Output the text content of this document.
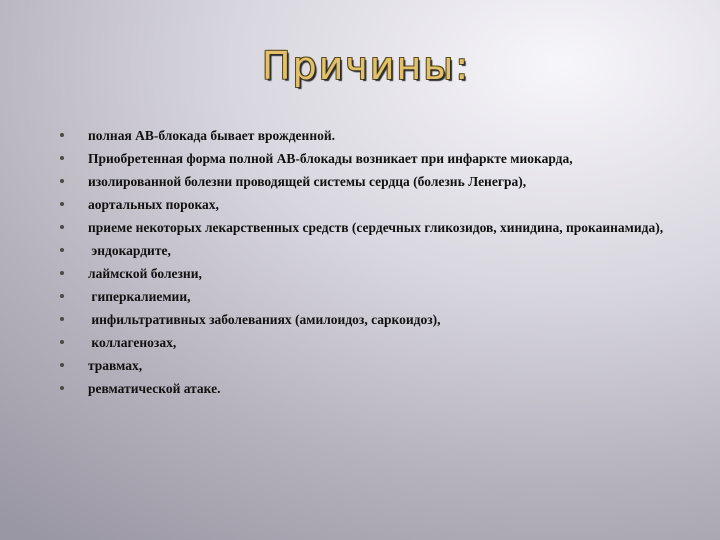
Причины:
полная АВ-блокада бывает врожденной.
Приобретенная форма полной АВ-блокады возникает при инфаркте миокарда,
изолированной болезни проводящей системы сердца (болезнь Ленегра),
аортальных пороках,
приеме некоторых лекарственных средств (сердечных гликозидов, хинидина, прокаинамида),
эндокардите,
лаймской болезни,
гиперкалиемии,
инфильтративных заболеваниях (амилоидоз, саркоидоз),
коллагенозах,
травмах,
ревматической атаке.
